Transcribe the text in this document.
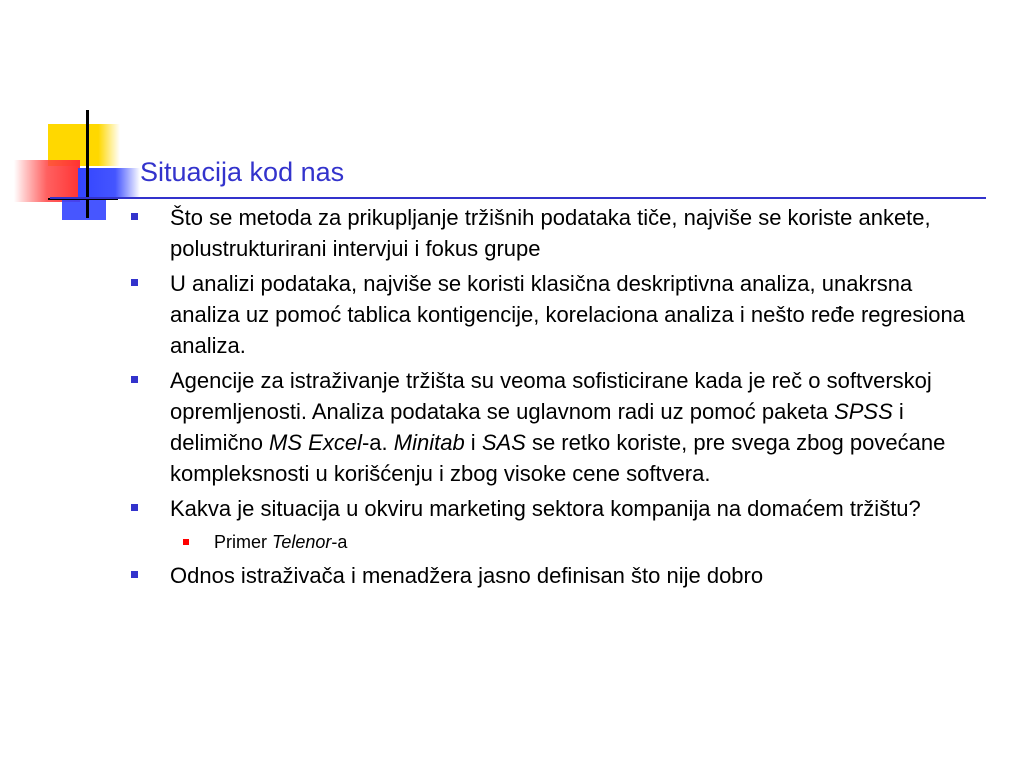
Situacija kod nas
Što se metoda za prikupljanje tržišnih podataka tiče, najviše se koriste ankete, polustrukturirani intervjui i fokus grupe
U analizi podataka, najviše se koristi klasična deskriptivna analiza, unakrsna analiza uz pomoć tablica kontigencije, korelaciona analiza i nešto ređe regresiona analiza.
Agencije za istraživanje tržišta su veoma sofisticirane kada je reč o softverskoj opremljenosti. Analiza podataka se uglavnom radi uz pomoć paketa SPSS i delimično MS Excel-a. Minitab i SAS se retko koriste, pre svega zbog povećane kompleksnosti u korišćenju i zbog visoke cene softvera.
Kakva je situacija u okviru marketing sektora kompanija na domaćem tržištu?
Primer Telenor-a
Odnos istraživača i menadžera jasno definisan što nije dobro
